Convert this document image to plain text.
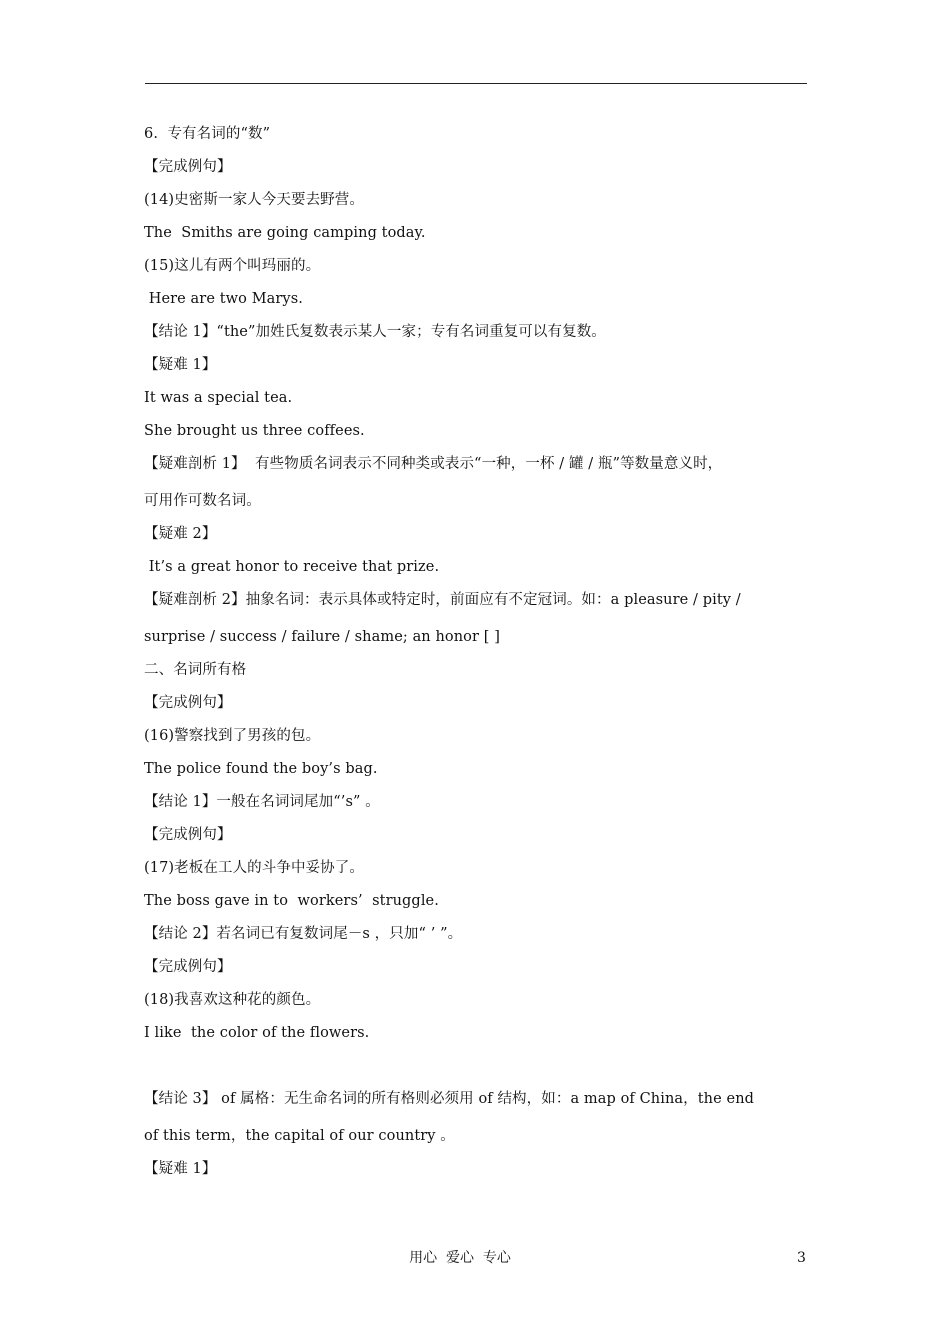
6.  专有名词的“数”

【完成例句】

(14)史密斯一家人今天要去野营。

The  Smiths are going camping today.

(15)这儿有两个叫玛丽的。

Here are two Marys.

【结论 1】“the”加姓氏复数表示某人一家；专有名词重复可以有复数。

【疑难 1】

It was a special tea.

She brought us three coffees.

【疑难剖析 1】  有些物质名词表示不同种类或表示“一种，一杯 / 罐 / 瓶”等数量意义时，

可用作可数名词。

【疑难 2】

It’s a great honor to receive that prize.

【疑难剖析 2】抽象名词：表示具体或特定时，前面应有不定冠词。如：a pleasure / pity /

surprise / success / failure / shame; an honor [ ]

二、名词所有格

【完成例句】

(16)警察找到了男孩的包。

The police found the boy’s bag.

【结论 1】一般在名词词尾加“’s” 。

【完成例句】

(17)老板在工人的斗争中妥协了。

The boss gave in to  workers’  struggle.

【结论 2】若名词已有复数词尾－s ，只加“ ’ ”。

【完成例句】

(18)我喜欢这种花的颜色。

I like  the color of the flowers.

【结论 3】 of 属格：无生命名词的所有格则必须用 of 结构，如：a map of China，the end

of this term，the capital of our country 。

【疑难 1】

用心  爱心  专心	3
